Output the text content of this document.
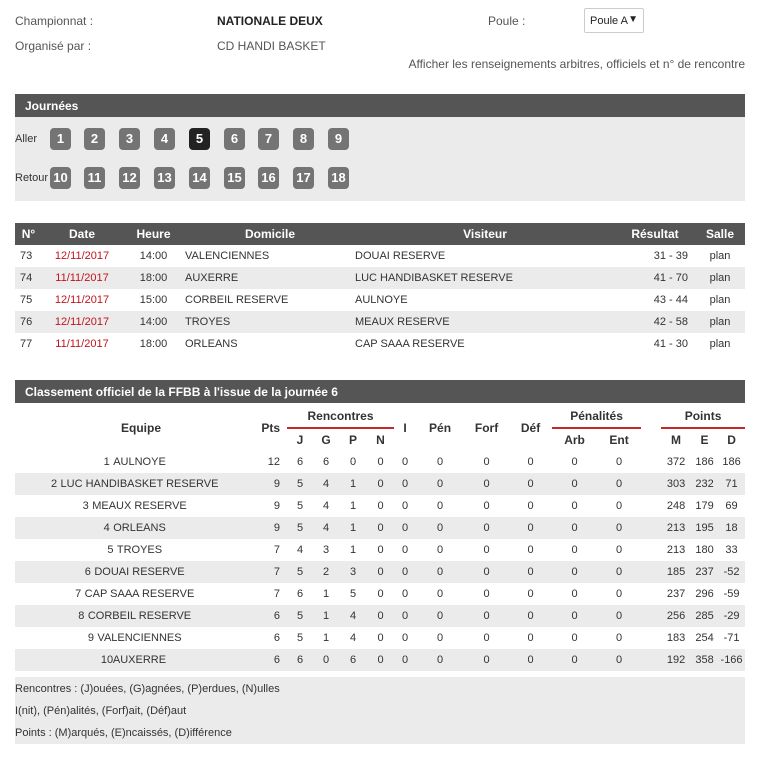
Championnat :	NATIONALE DEUX	Poule :	Poule A ▼
Organisé par :	CD HANDI BASKET
Afficher les renseignements arbitres, officiels et n° de rencontre
Journées
Aller
Retour
1	2	3	4	5	6	7	8	9
10 11 12 13 14 15 16 17 18
N°	Date	Heure	Domicile	Visiteur	Résultat	Salle
73	12/11/2017	14:00	VALENCIENNES	DOUAI RESERVE	31 - 39	plan
74	11/11/2017	18:00	AUXERRE	LUC HANDIBASKET RESERVE	41 - 70	plan
75	12/11/2017	15:00	CORBEIL RESERVE	AULNOYE	43 - 44	plan
76	12/11/2017	14:00	TROYES	MEAUX RESERVE	42 - 58	plan
77	11/11/2017	18:00	ORLEANS	CAP SAAA RESERVE	41 - 30	plan
Classement officiel de la FFBB à l'issue de la journée 6
Equipe	Pts	Rencontres				I	Pén	Forf	Déf	Pénalités			Points		
		J	G	P	N					Arb	Ent		M	E	D
1 AULNOYE	12	6	6	0	0	0	0	0	0	0	0		372	186	186
2 LUC HANDIBASKET RESERVE	9	5	4	1	0	0	0	0	0	0	0		303	232	71
3 MEAUX RESERVE	9	5	4	1	0	0	0	0	0	0	0		248	179	69
4 ORLEANS	9	5	4	1	0	0	0	0	0	0	0		213	195	18
5 TROYES	7	4	3	1	0	0	0	0	0	0	0		213	180	33
6 DOUAI RESERVE	7	5	2	3	0	0	0	0	0	0	0		185	237	-52
7 CAP SAAA RESERVE	7	6	1	5	0	0	0	0	0	0	0		237	296	-59
8 CORBEIL RESERVE	6	5	1	4	0	0	0	0	0	0	0		256	285	-29
9 VALENCIENNES	6	5	1	4	0	0	0	0	0	0	0		183	254	-71
10AUXERRE	6	6	0	6	0	0	0	0	0	0	0		192	358	-166
Rencontres : (J)ouées, (G)agnées, (P)erdues, (N)ulles
I(nit), (Pén)alités, (Forf)ait, (Déf)aut
Points : (M)arqués, (E)ncaissés, (D)ifférence
